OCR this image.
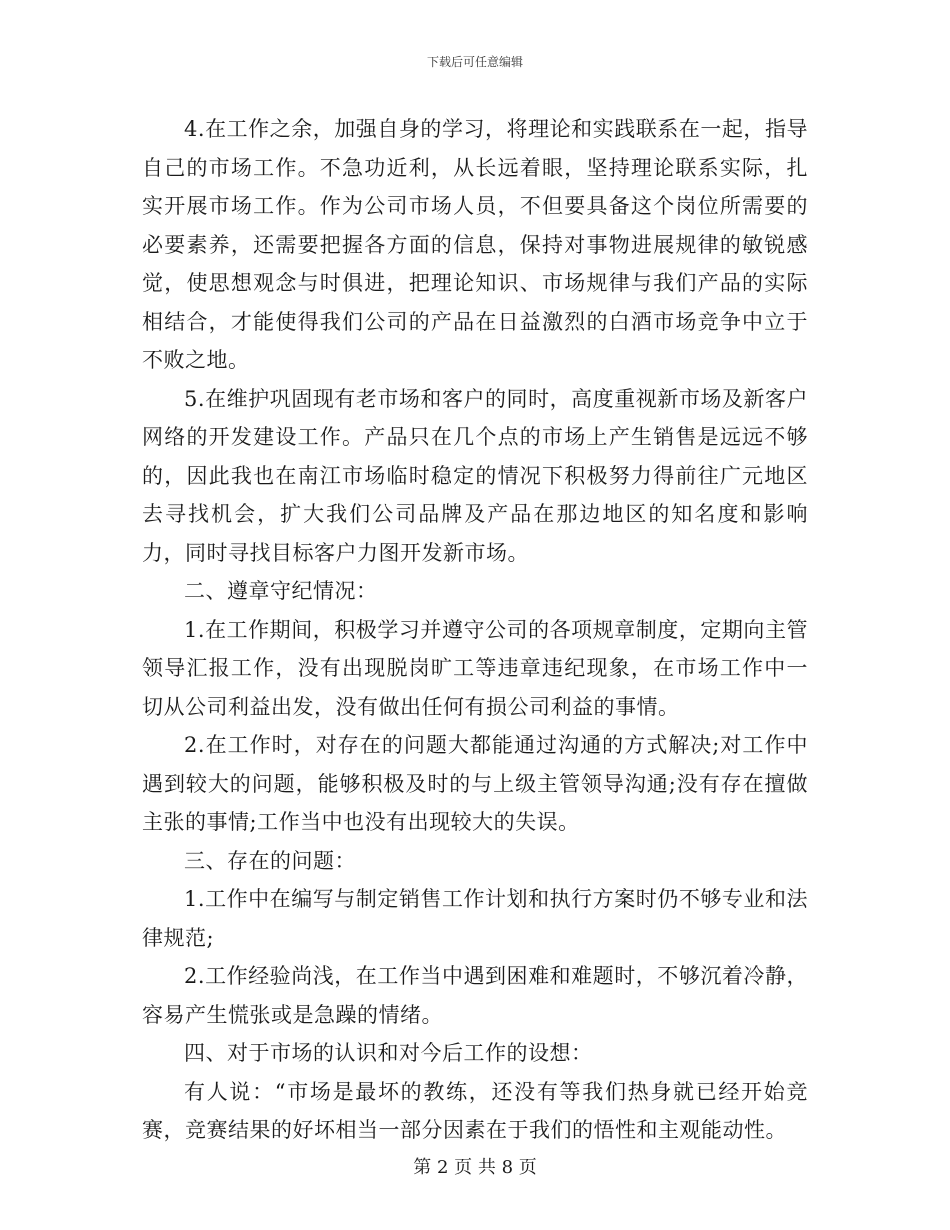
下载后可任意编辑

4.在工作之余，加强自身的学习，将理论和实践联系在一起，指导自己的市场工作。不急功近利，从长远着眼，坚持理论联系实际，扎实开展市场工作。作为公司市场人员，不但要具备这个岗位所需要的必要素养，还需要把握各方面的信息，保持对事物进展规律的敏锐感觉，使思想观念与时俱进，把理论知识、市场规律与我们产品的实际相结合，才能使得我们公司的产品在日益激烈的白酒市场竞争中立于不败之地。

5.在维护巩固现有老市场和客户的同时，高度重视新市场及新客户网络的开发建设工作。产品只在几个点的市场上产生销售是远远不够的，因此我也在南江市场临时稳定的情况下积极努力得前往广元地区去寻找机会，扩大我们公司品牌及产品在那边地区的知名度和影响力，同时寻找目标客户力图开发新市场。

二、遵章守纪情况：

1.在工作期间，积极学习并遵守公司的各项规章制度，定期向主管领导汇报工作，没有出现脱岗旷工等违章违纪现象，在市场工作中一切从公司利益出发，没有做出任何有损公司利益的事情。

2.在工作时，对存在的问题大都能通过沟通的方式解决;对工作中遇到较大的问题，能够积极及时的与上级主管领导沟通;没有存在擅做主张的事情;工作当中也没有出现较大的失误。

三、存在的问题：

1.工作中在编写与制定销售工作计划和执行方案时仍不够专业和法律规范;

2.工作经验尚浅，在工作当中遇到困难和难题时，不够沉着冷静，容易产生慌张或是急躁的情绪。

四、对于市场的认识和对今后工作的设想：

有人说：“市场是最坏的教练，还没有等我们热身就已经开始竞赛，竞赛结果的好坏相当一部分因素在于我们的悟性和主观能动性。

第 2 页 共 8 页
